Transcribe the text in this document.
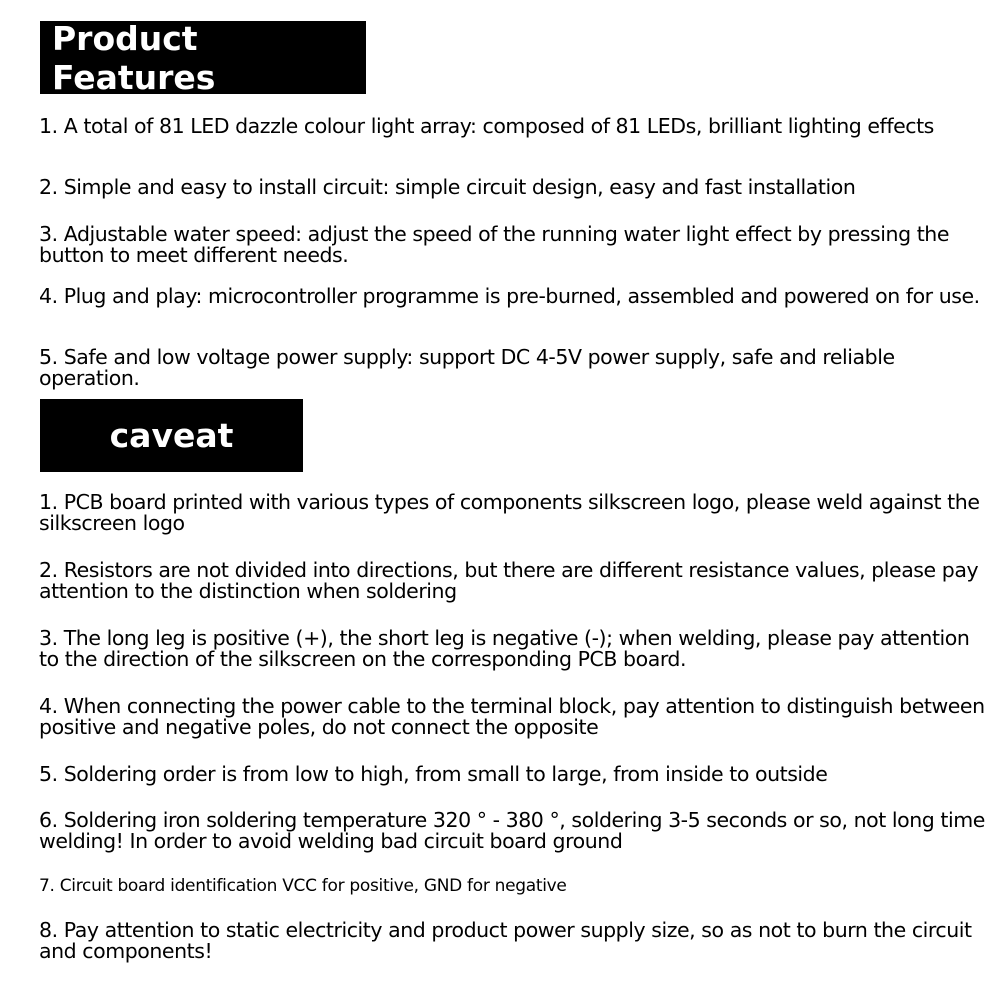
Product Features

1. A total of 81 LED dazzle colour light array: composed of 81 LEDs, brilliant lighting effects

2. Simple and easy to install circuit: simple circuit design, easy and fast installation

3. Adjustable water speed: adjust the speed of the running water light effect by pressing the button to meet different needs.

4. Plug and play: microcontroller programme is pre-burned, assembled and powered on for use.

5. Safe and low voltage power supply: support DC 4-5V power supply, safe and reliable operation.

caveat

1. PCB board printed with various types of components silkscreen logo, please weld against the silkscreen logo

2. Resistors are not divided into directions, but there are different resistance values, please pay attention to the distinction when soldering

3. The long leg is positive (+), the short leg is negative (-); when welding, please pay attention to the direction of the silkscreen on the corresponding PCB board.

4. When connecting the power cable to the terminal block, pay attention to distinguish between positive and negative poles, do not connect the opposite

5. Soldering order is from low to high, from small to large, from inside to outside

6. Soldering iron soldering temperature 320 ° - 380 °, soldering 3-5 seconds or so, not long time welding! In order to avoid welding bad circuit board ground

7. Circuit board identification VCC for positive, GND for negative

8. Pay attention to static electricity and product power supply size, so as not to burn the circuit and components!
